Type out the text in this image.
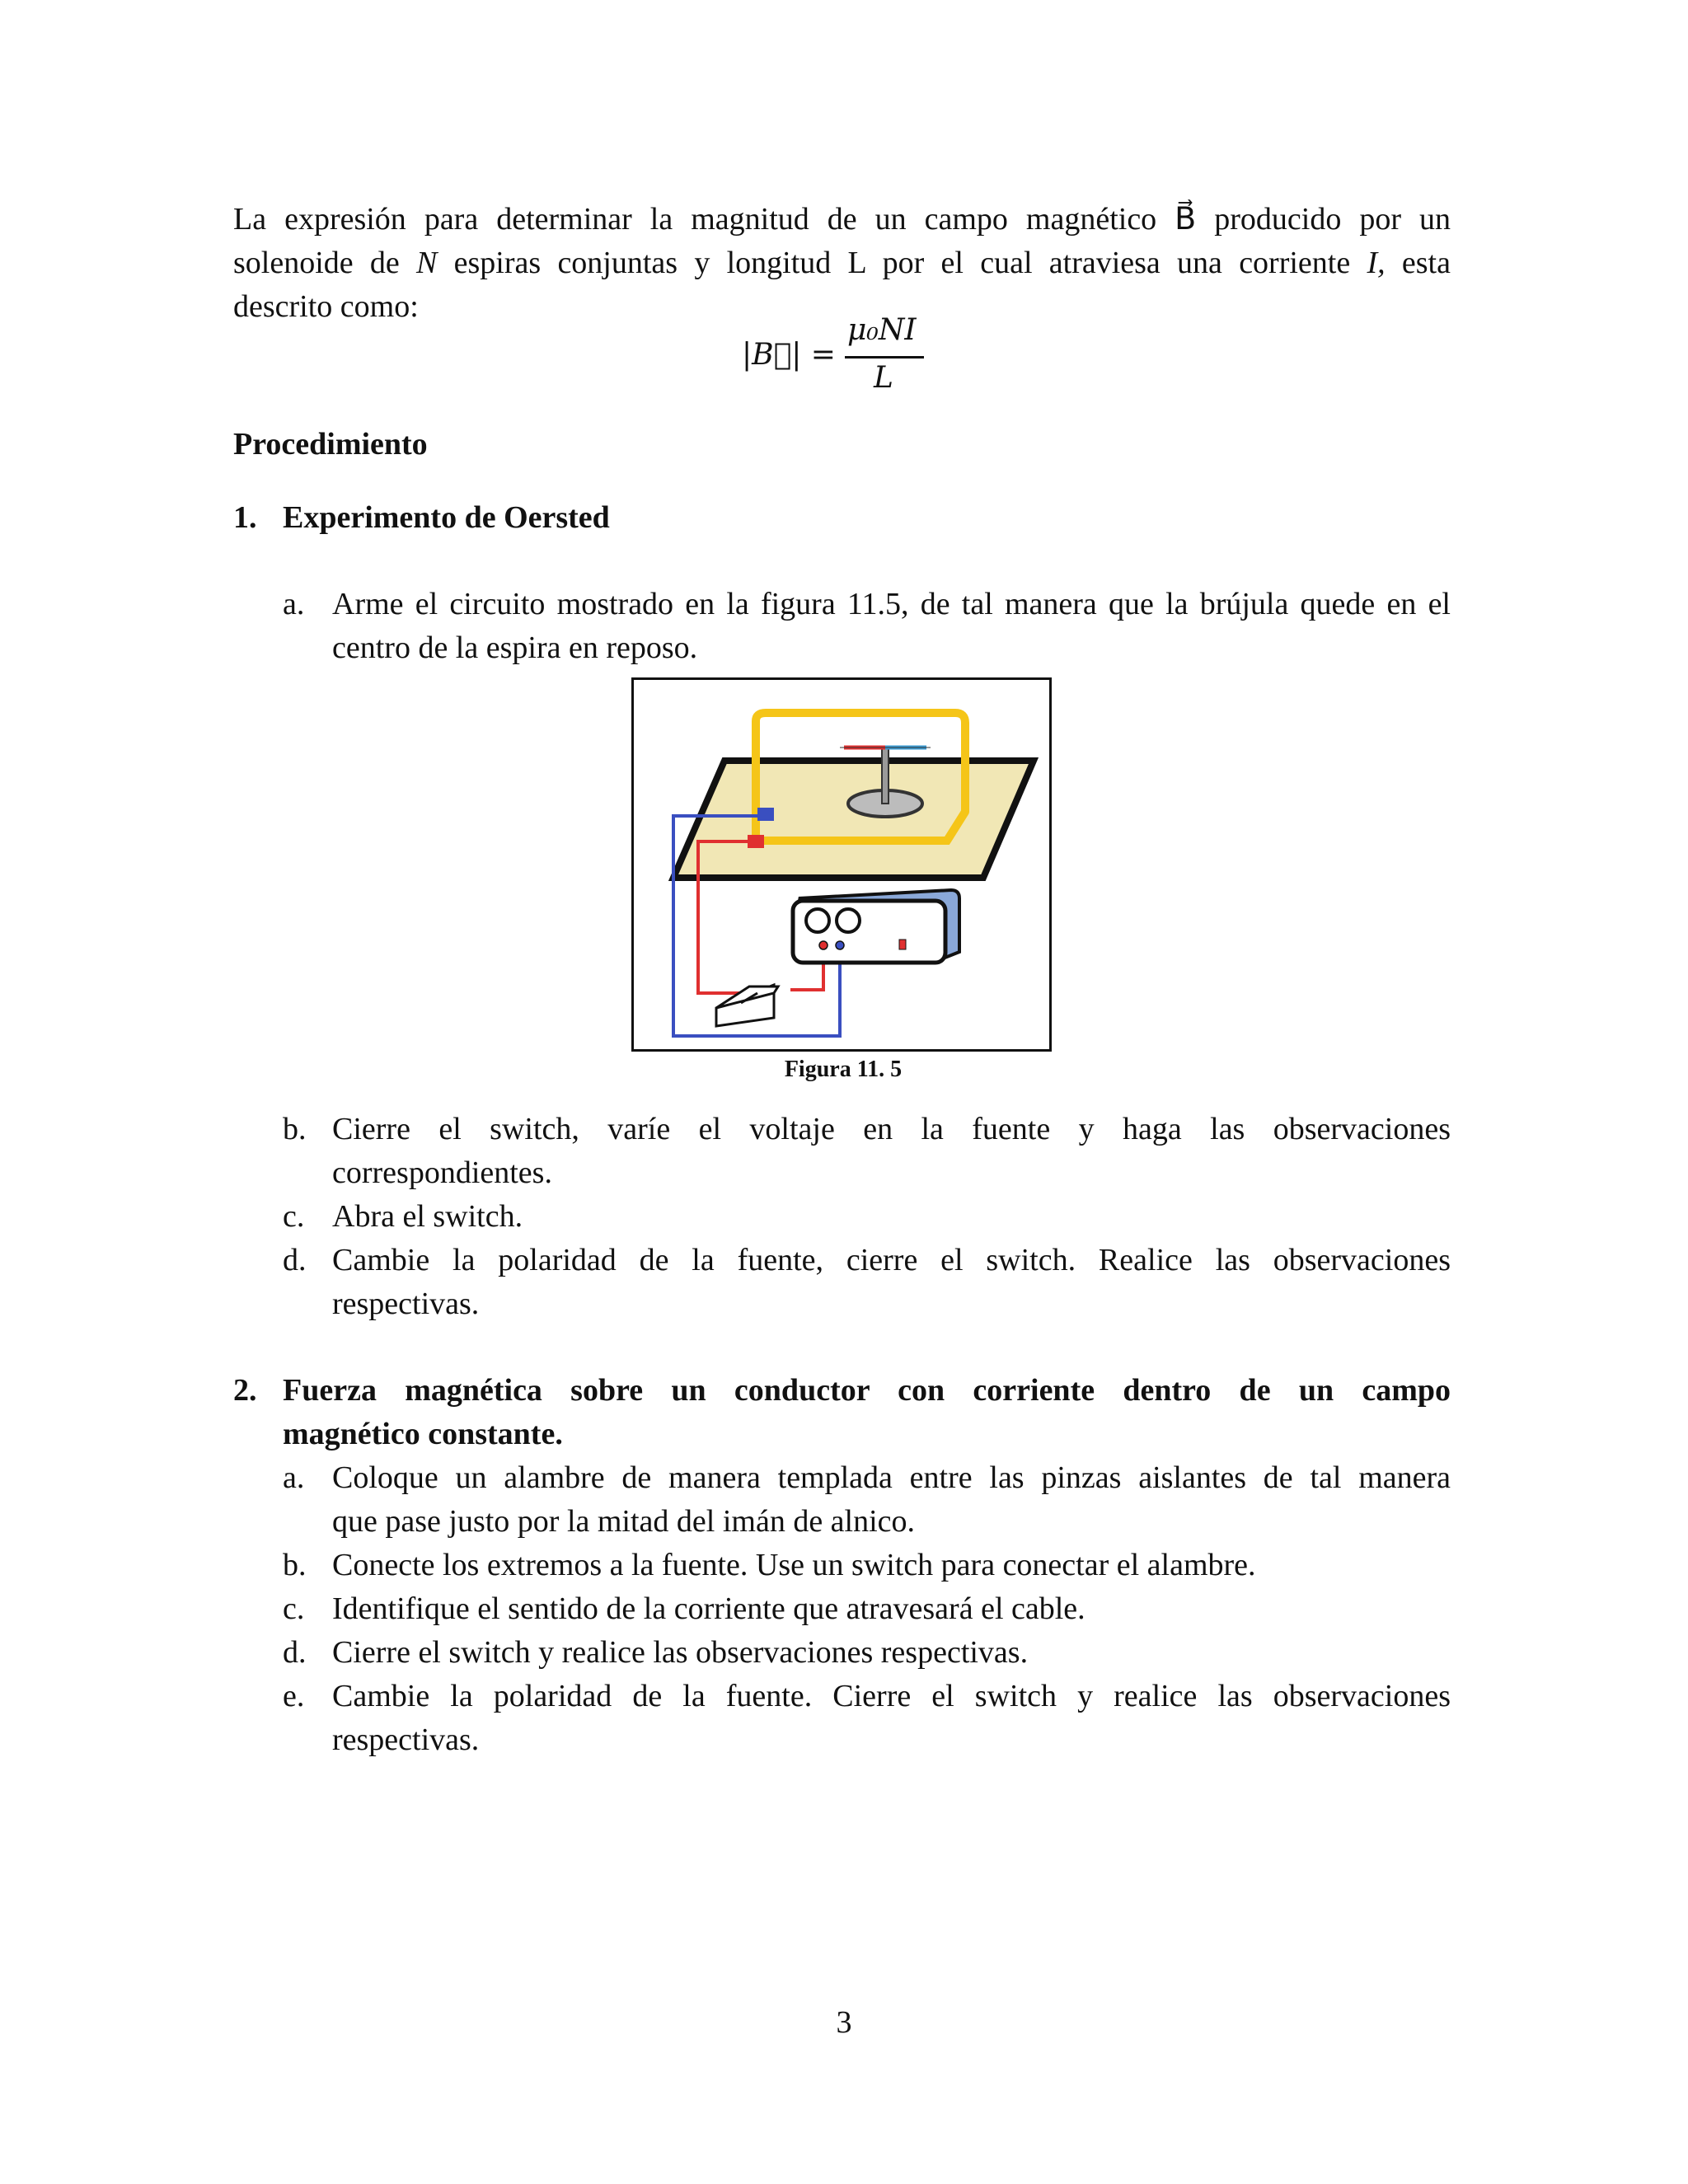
La expresión para determinar la magnitud de un campo magnético B⃗ producido por un
solenoide de N espiras conjuntas y longitud L por el cual atraviesa una corriente I, esta
descrito como:
|B⃗| =
μ₀NI
L
Procedimiento
1. Experimento de Oersted
a. Arme el circuito mostrado en la figura 11.5, de tal manera que la brújula quede en el
centro de la espira en reposo.
Figura 11. 5
b. Cierre el switch, varíe el voltaje en la fuente y haga las observaciones
correspondientes.
c. Abra el switch.
d. Cambie la polaridad de la fuente, cierre el switch. Realice las observaciones
respectivas.
2. Fuerza magnética sobre un conductor con corriente dentro de un campo
magnético constante.
a. Coloque un alambre de manera templada entre las pinzas aislantes de tal manera
que pase justo por la mitad del imán de alnico.
b. Conecte los extremos a la fuente. Use un switch para conectar el alambre.
c. Identifique el sentido de la corriente que atravesará el cable.
d. Cierre el switch y realice las observaciones respectivas.
e. Cambie la polaridad de la fuente. Cierre el switch y realice las observaciones
respectivas.
3
